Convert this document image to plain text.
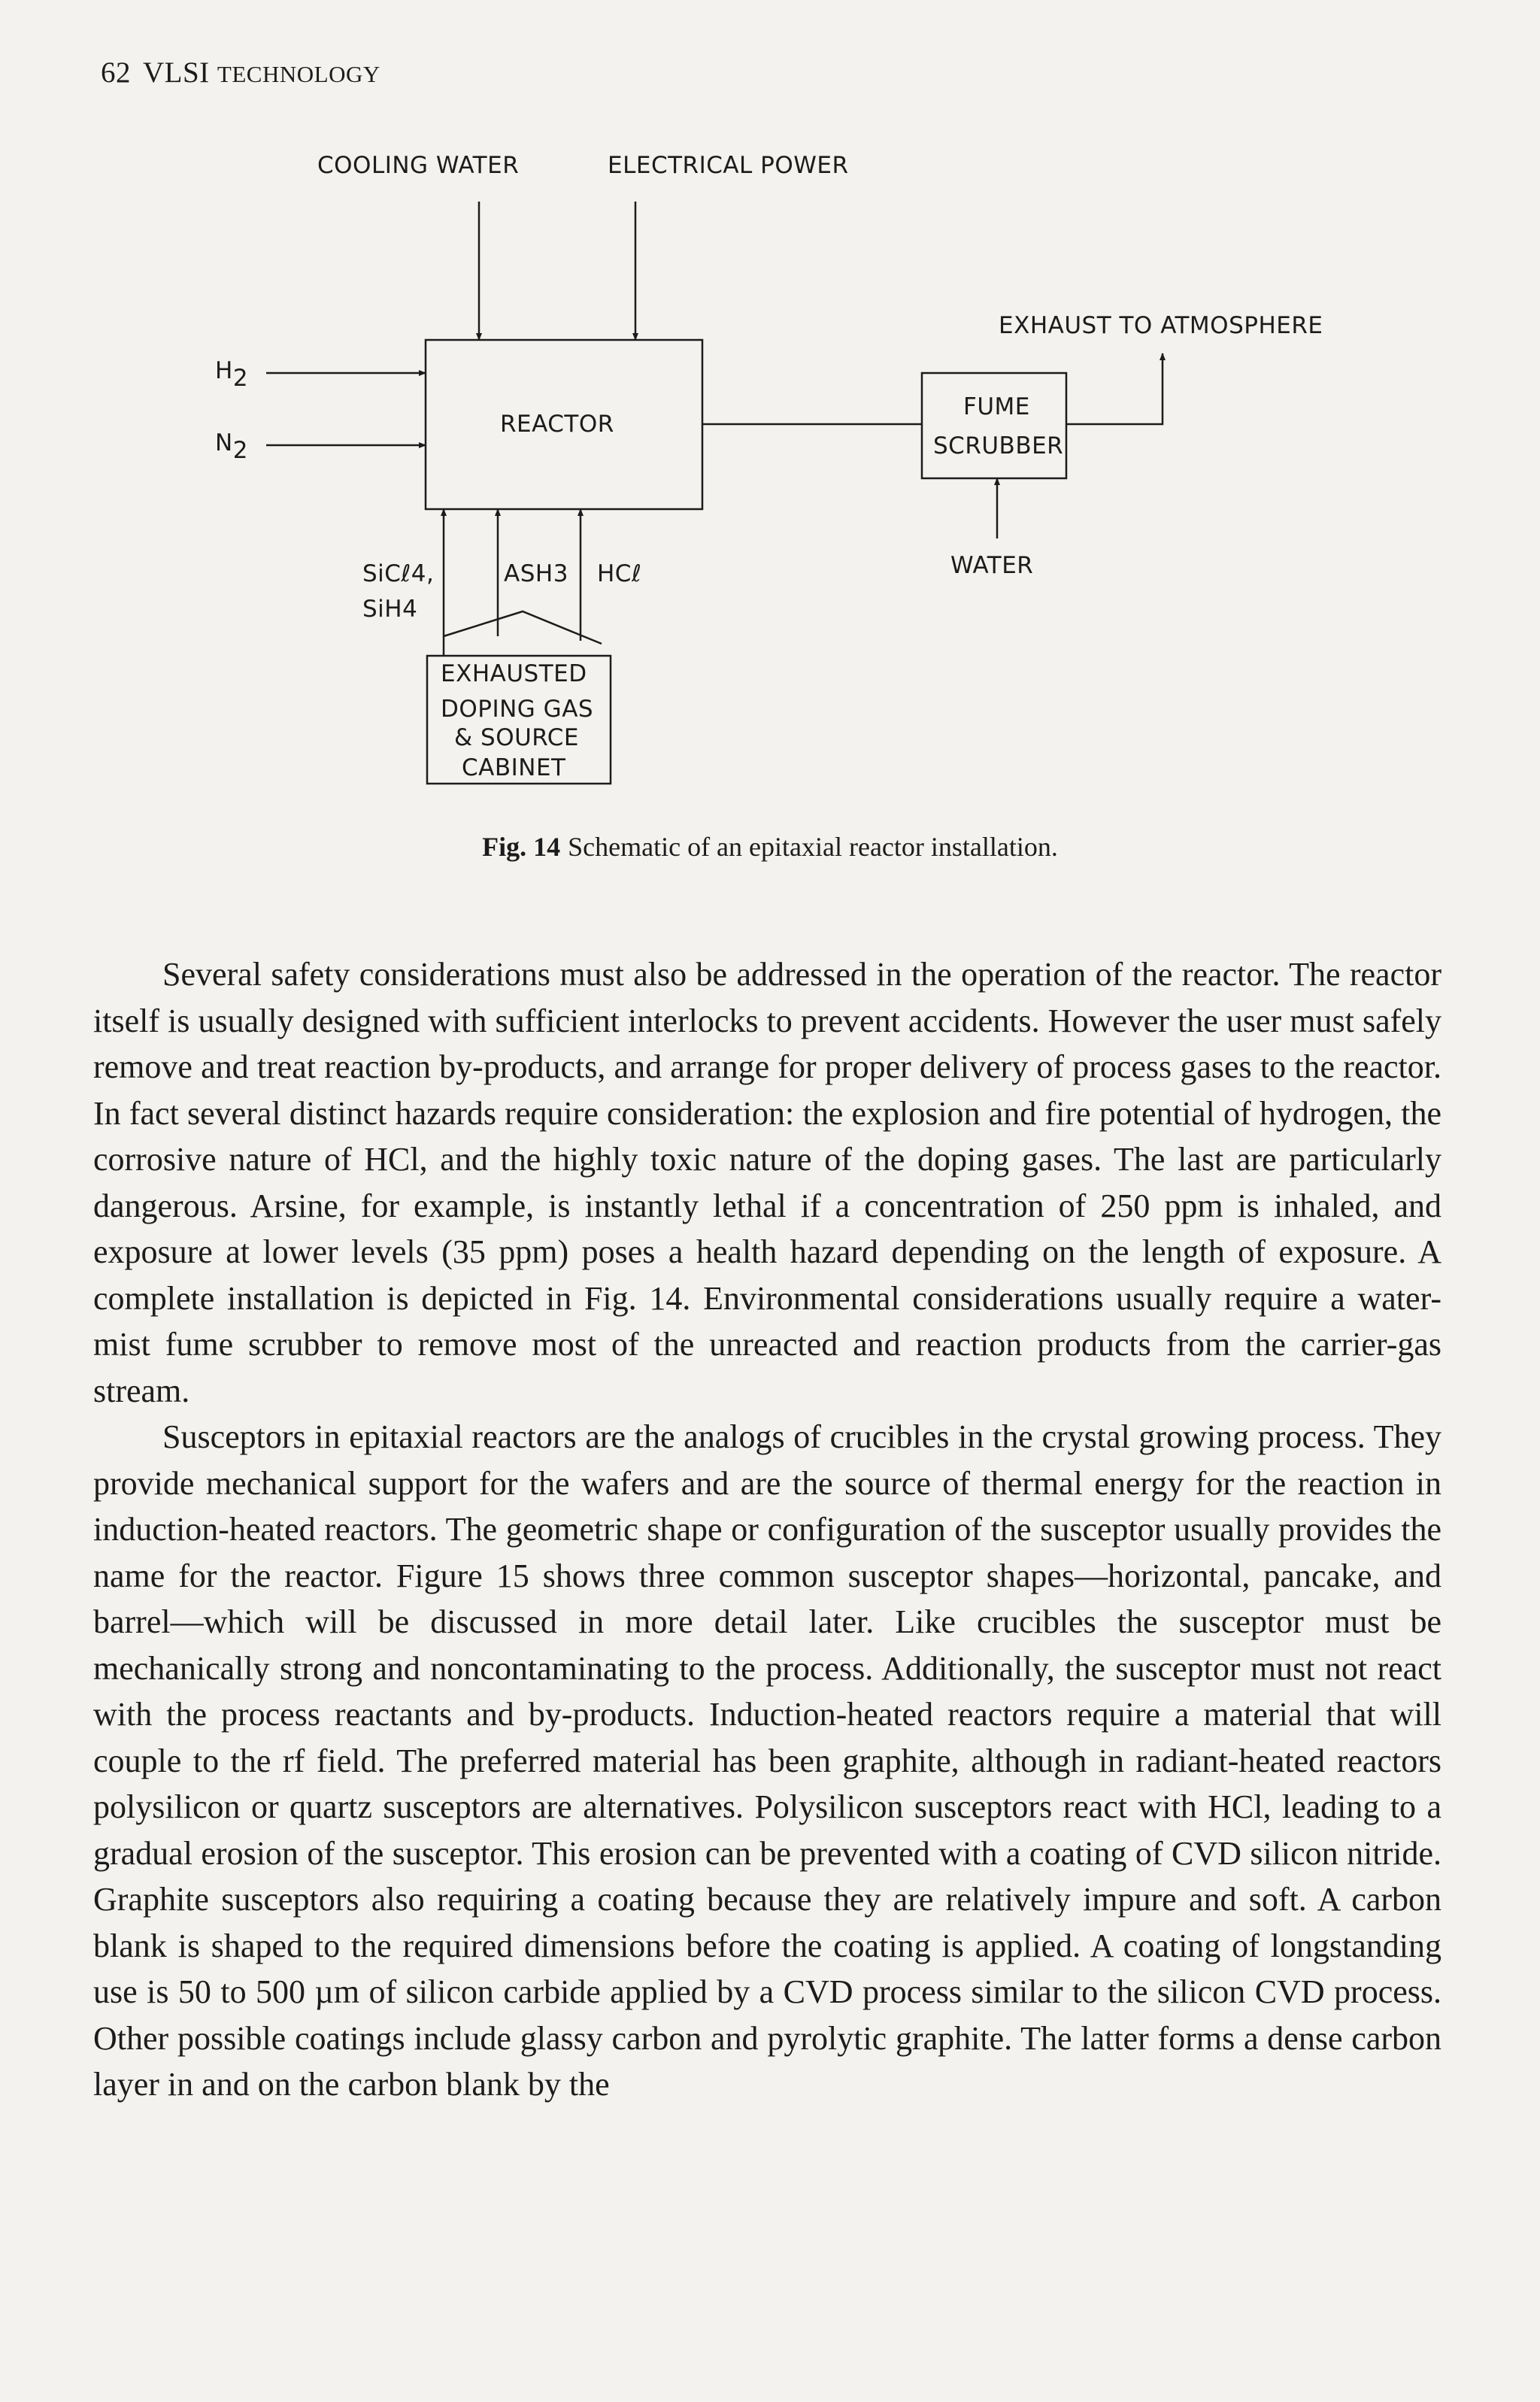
62 VLSI TECHNOLOGY
COOLING WATER	ELECTRICAL POWER
EXHAUST TO ATMOSPHERE
H2
N2
REACTOR
FUME
SCRUBBER
WATER
SiCℓ4,
SiH4
ASH3 HCℓ
EXHAUSTED
DOPING GAS
& SOURCE
CABINET
Fig. 14 Schematic of an epitaxial reactor installation.

Several safety considerations must also be addressed in the operation of the reactor. The reactor itself is usually designed with sufficient interlocks to prevent accidents. However the user must safely remove and treat reaction by-products, and arrange for proper delivery of process gases to the reactor. In fact several distinct hazards require consideration: the explosion and fire potential of hydrogen, the corrosive nature of HCl, and the highly toxic nature of the doping gases. The last are particularly dangerous. Arsine, for example, is instantly lethal if a concentration of 250 ppm is inhaled, and exposure at lower levels (35 ppm) poses a health hazard depending on the length of exposure. A complete installation is depicted in Fig. 14. Environmental considerations usually require a water-mist fume scrubber to remove most of the unreacted and reaction products from the carrier-gas stream.

Susceptors in epitaxial reactors are the analogs of crucibles in the crystal growing process. They provide mechanical support for the wafers and are the source of thermal energy for the reaction in induction-heated reactors. The geometric shape or configuration of the susceptor usually provides the name for the reactor. Figure 15 shows three common susceptor shapes—horizontal, pancake, and barrel—which will be discussed in more detail later. Like crucibles the susceptor must be mechanically strong and noncontaminating to the process. Additionally, the susceptor must not react with the process reactants and by-products. Induction-heated reactors require a material that will couple to the rf field. The preferred material has been graphite, although in radiant-heated reactors polysilicon or quartz susceptors are alternatives. Polysilicon susceptors react with HCl, leading to a gradual erosion of the susceptor. This erosion can be prevented with a coating of CVD silicon nitride. Graphite susceptors also requiring a coating because they are relatively impure and soft. A carbon blank is shaped to the required dimensions before the coating is applied. A coating of longstanding use is 50 to 500 µm of silicon carbide applied by a CVD process similar to the silicon CVD process. Other possible coatings include glassy carbon and pyrolytic graphite. The latter forms a dense carbon layer in and on the carbon blank by the
